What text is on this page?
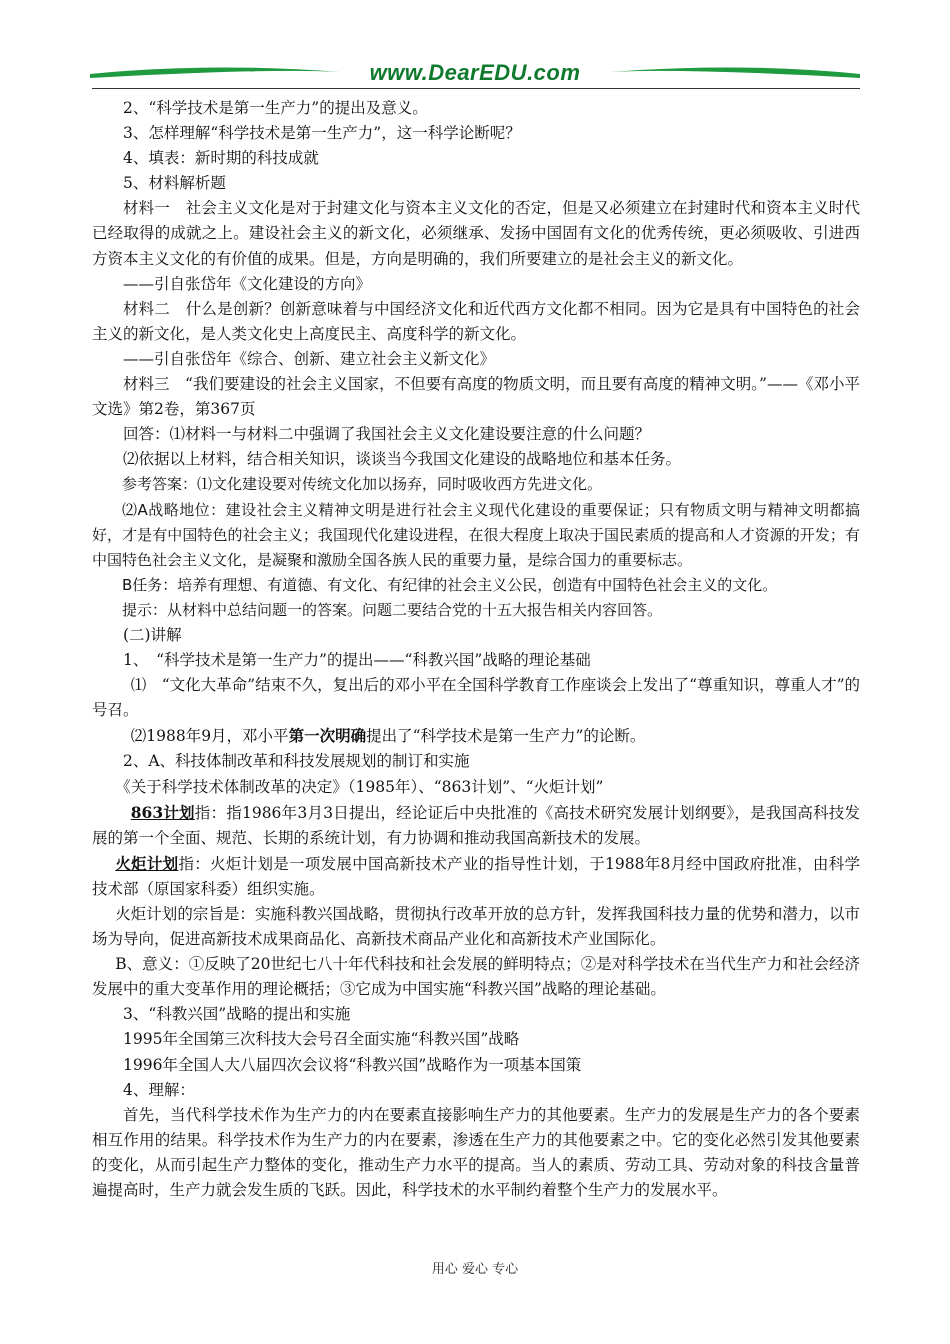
www.DearEDU.com

2、“科学技术是第一生产力”的提出及意义。

3、怎样理解“科学技术是第一生产力”，这一科学论断呢？

4、填表：新时期的科技成就

5、材料解析题

材料一　社会主义文化是对于封建文化与资本主义文化的否定，但是又必须建立在封建时代和资本主义时代已经取得的成就之上。建设社会主义的新文化，必须继承、发扬中国固有文化的优秀传统，更必须吸收、引进西方资本主义文化的有价值的成果。但是，方向是明确的，我们所要建立的是社会主义的新文化。

——引自张岱年《文化建设的方向》

材料二　什么是创新？创新意味着与中国经济文化和近代西方文化都不相同。因为它是具有中国特色的社会主义的新文化，是人类文化史上高度民主、高度科学的新文化。

——引自张岱年《综合、创新、建立社会主义新文化》

材料三　“我们要建设的社会主义国家，不但要有高度的物质文明，而且要有高度的精神文明。”——《邓小平文选》第2卷，第367页

回答：⑴材料一与材料二中强调了我国社会主义文化建设要注意的什么问题？

⑵依据以上材料，结合相关知识，谈谈当今我国文化建设的战略地位和基本任务。

参考答案：⑴文化建设要对传统文化加以扬弃，同时吸收西方先进文化。

⑵A战略地位：建设社会主义精神文明是进行社会主义现代化建设的重要保证；只有物质文明与精神文明都搞好，才是有中国特色的社会主义；我国现代化建设进程，在很大程度上取决于国民素质的提高和人才资源的开发；有中国特色社会主义文化，是凝聚和激励全国各族人民的重要力量，是综合国力的重要标志。

B任务：培养有理想、有道德、有文化、有纪律的社会主义公民，创造有中国特色社会主义的文化。

提示：从材料中总结问题一的答案。问题二要结合党的十五大报告相关内容回答。

(二)讲解

1、　“科学技术是第一生产力”的提出——“科教兴国”战略的理论基础

⑴　“文化大革命”结束不久，复出后的邓小平在全国科学教育工作座谈会上发出了“尊重知识，尊重人才”的号召。

⑵1988年9月，邓小平第一次明确提出了“科学技术是第一生产力”的论断。

2、A、科技体制改革和科技发展规划的制订和实施

《关于科学技术体制改革的决定》（1985年）、“863计划”、“火炬计划”

863计划指：指1986年3月3日提出，经论证后中央批准的《高技术研究发展计划纲要》，是我国高科技发展的第一个全面、规范、长期的系统计划，有力协调和推动我国高新技术的发展。

火炬计划指：火炬计划是一项发展中国高新技术产业的指导性计划，于1988年8月经中国政府批准，由科学技术部（原国家科委）组织实施。

火炬计划的宗旨是：实施科教兴国战略，贯彻执行改革开放的总方针，发挥我国科技力量的优势和潜力，以市场为导向，促进高新技术成果商品化、高新技术商品产业化和高新技术产业国际化。

B、意义：①反映了20世纪七八十年代科技和社会发展的鲜明特点；②是对科学技术在当代生产力和社会经济发展中的重大变革作用的理论概括；③它成为中国实施“科教兴国”战略的理论基础。

3、“科教兴国”战略的提出和实施

1995年全国第三次科技大会号召全面实施“科教兴国”战略

1996年全国人大八届四次会议将“科教兴国”战略作为一项基本国策

4、理解：

首先，当代科学技术作为生产力的内在要素直接影响生产力的其他要素。生产力的发展是生产力的各个要素相互作用的结果。科学技术作为生产力的内在要素，渗透在生产力的其他要素之中。它的变化必然引发其他要素的变化，从而引起生产力整体的变化，推动生产力水平的提高。当人的素质、劳动工具、劳动对象的科技含量普遍提高时，生产力就会发生质的飞跃。因此，科学技术的水平制约着整个生产力的发展水平。

用心 爱心 专心
